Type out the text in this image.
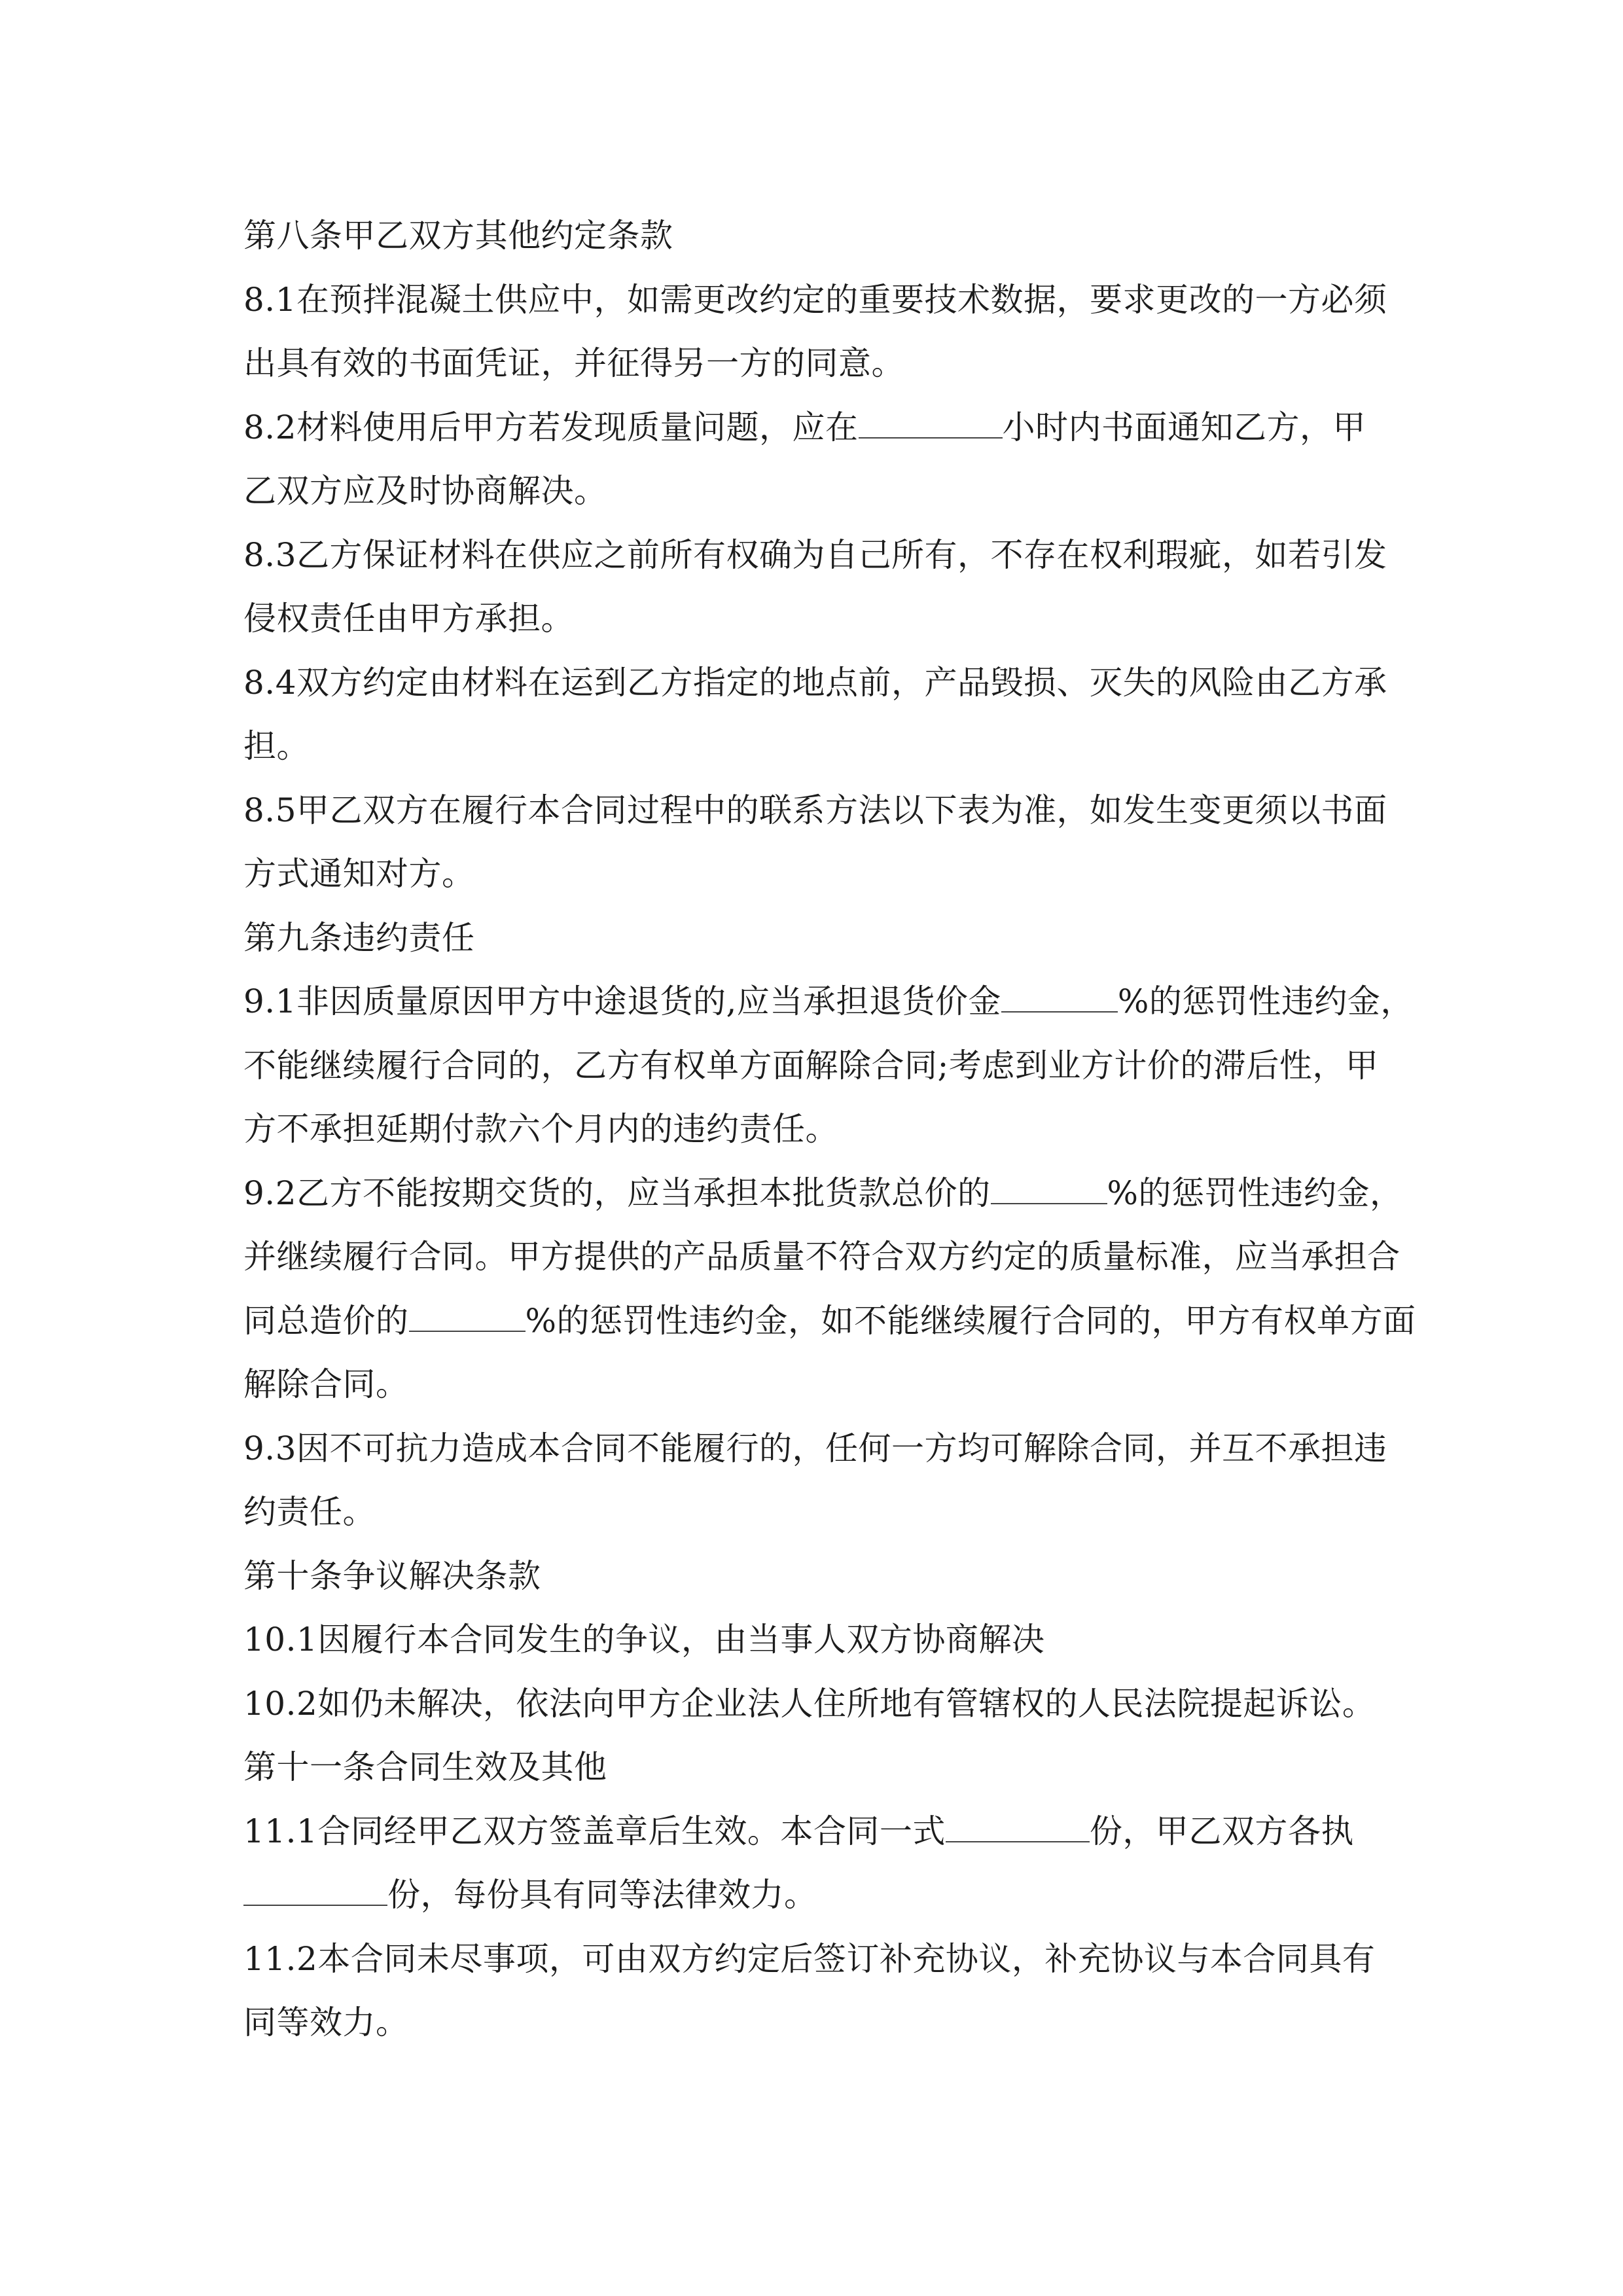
第八条甲乙双方其他约定条款
8.1在预拌混凝土供应中，如需更改约定的重要技术数据，要求更改的一方必须
出具有效的书面凭证，并征得另一方的同意。
8.2材料使用后甲方若发现质量问题，应在	小时内书面通知乙方，甲
乙双方应及时协商解决。
8.3乙方保证材料在供应之前所有权确为自己所有，不存在权利瑕疵，如若引发
侵权责任由甲方承担。
8.4双方约定由材料在运到乙方指定的地点前，产品毁损、灭失的风险由乙方承
担。
8.5甲乙双方在履行本合同过程中的联系方法以下表为准，如发生变更须以书面
方式通知对方。
第九条违约责任
9.1非因质量原因甲方中途退货的,应当承担退货价金	%的惩罚性违约金，
不能继续履行合同的，乙方有权单方面解除合同;考虑到业方计价的滞后性，甲
方不承担延期付款六个月内的违约责任。
9.2乙方不能按期交货的，应当承担本批货款总价的	%的惩罚性违约金，
并继续履行合同。甲方提供的产品质量不符合双方约定的质量标准，应当承担合
同总造价的	%的惩罚性违约金，如不能继续履行合同的，甲方有权单方面
解除合同。
9.3因不可抗力造成本合同不能履行的，任何一方均可解除合同，并互不承担违
约责任。
第十条争议解决条款
10.1因履行本合同发生的争议，由当事人双方协商解决
10.2如仍未解决，依法向甲方企业法人住所地有管辖权的人民法院提起诉讼。
第十一条合同生效及其他
11.1合同经甲乙双方签盖章后生效。本合同一式	份，甲乙双方各执
份，每份具有同等法律效力。
11.2本合同未尽事项，可由双方约定后签订补充协议，补充协议与本合同具有
同等效力。
